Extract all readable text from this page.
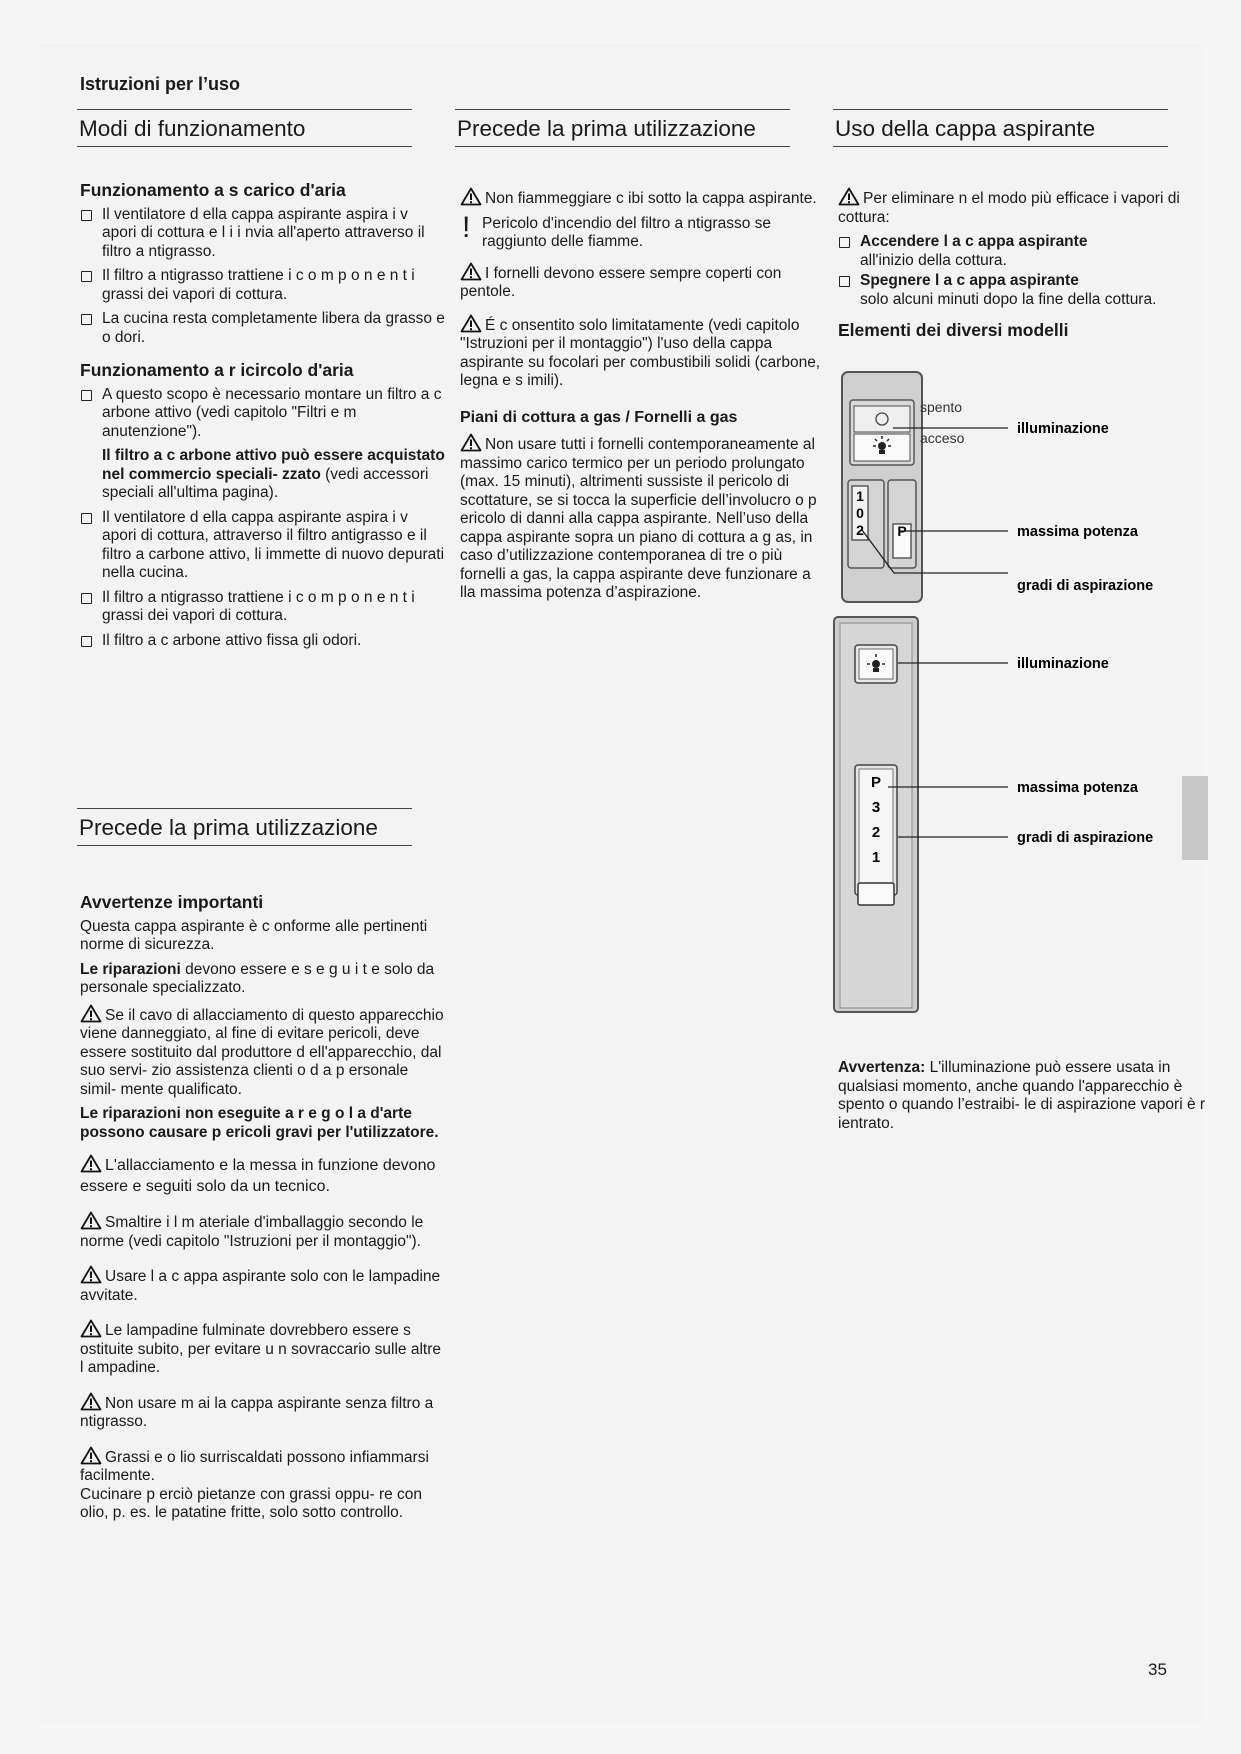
Istruzioni per l’uso
Modi di funzionamento	Precede la prima utilizzazione	Uso della cappa aspirante
Precede la prima utilizzazione
Funzionamento a s carico d'aria
Il ventilatore d ella cappa aspirante aspira i v apori di cottura e l i i nvia all'aperto attraverso il filtro a ntigrasso.
Il filtro a ntigrasso trattiene i c o m p o n e n t i grassi dei vapori di cottura.
La cucina resta completamente libera da grasso e o dori.
Funzionamento a r icircolo d'aria
A questo scopo è necessario montare un filtro a c arbone attivo (vedi capitolo "Filtri e m anutenzione").
Il filtro a c arbone attivo può essere acquistato nel commercio speciali- zzato (vedi accessori speciali all'ultima pagina).
Il ventilatore d ella cappa aspirante aspira i v apori di cottura, attraverso il filtro antigrasso e il filtro a carbone attivo, li immette di nuovo depurati nella cucina.
Il filtro a ntigrasso trattiene i c o m p o n e n t i grassi dei vapori di cottura.
Il filtro a c arbone attivo fissa gli odori.
Avvertenze importanti

Questa cappa aspirante è c onforme alle pertinenti norme di sicurezza.

Le riparazioni devono essere e s e g u i t e solo da personale specializzato.

Se il cavo di allacciamento di questo apparecchio viene danneggiato, al fine di evitare pericoli, deve essere sostituito dal produttore d ell'apparecchio, dal suo servi- zio assistenza clienti o d a p ersonale simil- mente qualificato.

Le riparazioni non eseguite a r e g o l a d'arte possono causare p ericoli gravi per l'utilizzatore.

L'allacciamento e la messa in funzione devono essere e seguiti solo da un tecnico.

Smaltire i l m ateriale d'imballaggio secondo le norme (vedi capitolo "Istruzioni per il montaggio").

Usare l a c appa aspirante solo con le lampadine avvitate.

Le lampadine fulminate dovrebbero essere s ostituite subito, per evitare u n sovraccario sulle altre l ampadine.

Non usare m ai la cappa aspirante senza filtro a ntigrasso.

Grassi e o lio surriscaldati possono infiammarsi facilmente.

Cucinare p erciò pietanze con grassi oppu- re con olio, p. es. le patatine fritte, solo sotto controllo.

Non fiammeggiare c ibi sotto la cappa aspirante.

! Pericolo d'incendio del filtro a ntigrasso se raggiunto delle fiamme.

I fornelli devono essere sempre coperti con pentole.

É c onsentito solo limitatamente (vedi capitolo "Istruzioni per il montaggio") l'uso della cappa aspirante su focolari per combustibili solidi (carbone, legna e s imili).

Piani di cottura a gas / Fornelli a gas

Non usare tutti i fornelli contemporaneamente al massimo carico termico per un periodo prolungato (max. 15 minuti), altrimenti sussiste il pericolo di scottature, se si tocca la superficie dell’involucro o p ericolo di danni alla cappa aspirante. Nell’uso della cappa aspirante sopra un piano di cottura a g as, in caso d’utilizzazione contemporanea di tre o più fornelli a gas, la cappa aspirante deve funzionare a lla massima potenza d’aspirazione.

Per eliminare n el modo più efficace i vapori di cottura:

Accendere l a c appa aspirante
all'inizio della cottura.
Spegnere l a c appa aspirante
solo alcuni minuti dopo la fine della cottura.
Elementi dei diversi modelli
1
0
2 P
spento
acceso
illuminazione
massima potenza
gradi di aspirazione
P
3
2
1
illuminazione
massima potenza
gradi di aspirazione

Avvertenza: L'illuminazione può essere usata in qualsiasi momento, anche quando l'apparecchio è spento o quando l’estraibi- le di aspirazione vapori è r ientrato.

35
